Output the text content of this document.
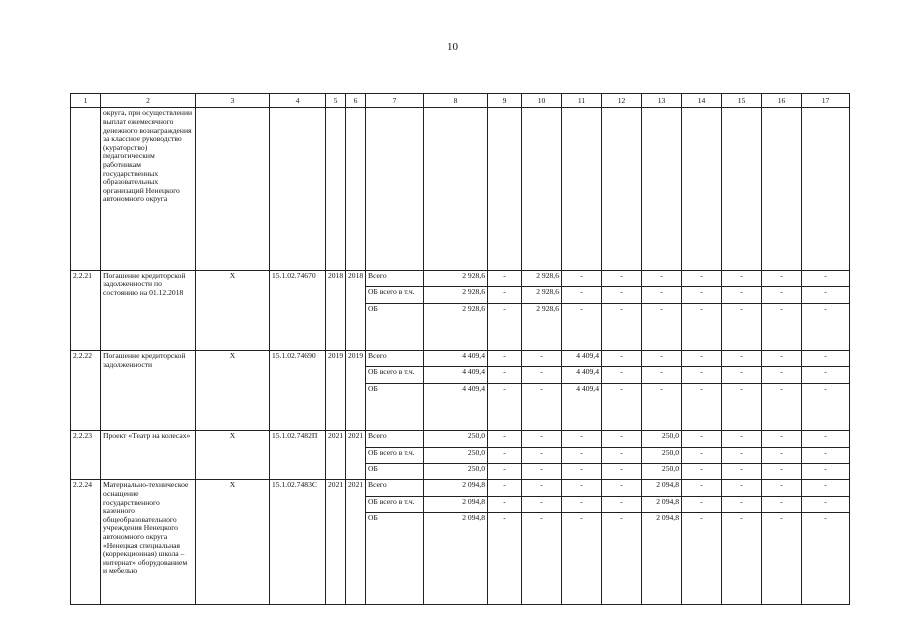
10
1	2	3	4	5	6	7	8	9	10	11	12	13	14	15	16	17
	округа, при осуществлении выплат ежемесячного денежного вознаграждения за классное руководство (кураторство) педагогическим работникам государственных образовательных организаций Ненецкого автономного округа															
2.2.21	Погашение кредиторской задолженности по состоянию на 01.12.2018	Х	15.1.02.74670	2018	2018	Всего	2 928,6	-	2 928,6	-	-	-	-	-	-	-
						ОБ всего в т.ч.	2 928,6	-	2 928,6	-	-	-	-	-	-	-
						ОБ	2 928,6	-	2 928,6	-	-	-	-	-	-	-
2.2.22	Погашение кредиторской задолженности	Х	15.1.02.74690	2019	2019	Всего	4 409,4	-	-	4 409,4	-	-	-	-	-	-
						ОБ всего в т.ч.	4 409,4	-	-	4 409,4	-	-	-	-	-	-
						ОБ	4 409,4	-	-	4 409,4	-	-	-	-	-	-
2.2.23	Проект «Театр на колесах»	Х	15.1.02.7482П	2021	2021	Всего	250,0	-	-	-	-	250,0	-	-	-	-
						ОБ всего в т.ч.	250,0	-	-	-	-	250,0	-	-	-	-
						ОБ	250,0	-	-	-	-	250,0	-	-	-	-
2.2.24	Материально-техническое оснащение государственного казенного общеобразовательного учреждения Ненецкого автономного округа «Ненецкая специальная (коррекционная) школа – интернат» оборудованием и мебелью	Х	15.1.02.7483С	2021	2021	Всего	2 094,8	-	-	-	-	2 094,8	-	-	-	-
						ОБ всего в т.ч.	2 094,8	-	-	-	-	2 094,8	-	-	-	-
						ОБ	2 094,8	-	-	-	-	2 094,8	-	-	-	-
